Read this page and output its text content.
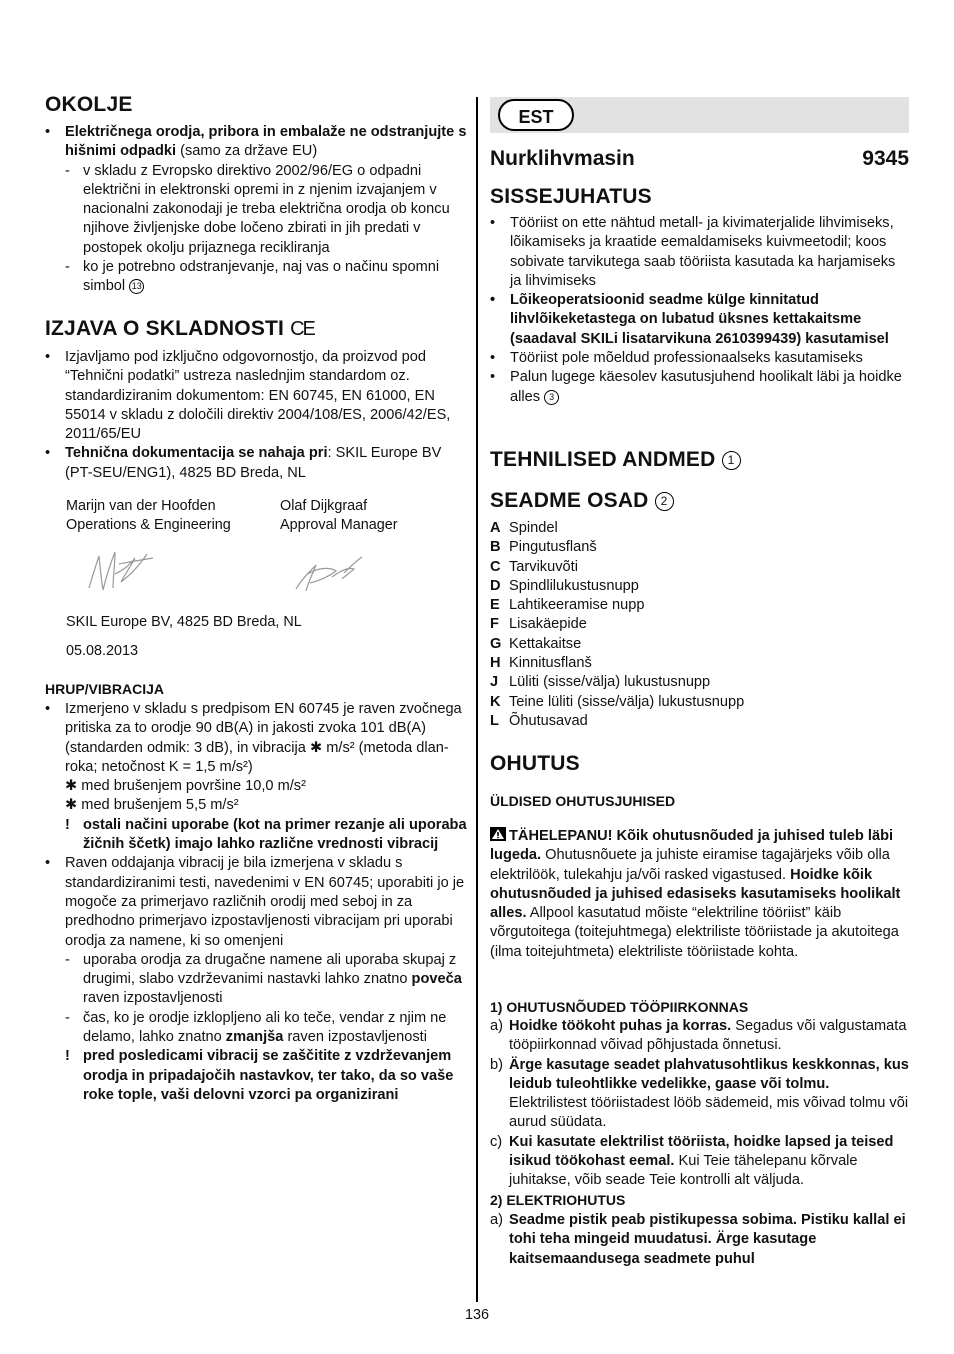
OKOLJE
• Električnega orodja, pribora in embalaže ne odstranjujte s hišnimi odpadki (samo za države EU)
- v skladu z Evropsko direktivo 2002/96/EG o odpadni električni in elektronski opremi in z njenim izvajanjem v nacionalni zakonodaji je treba električna orodja ob koncu njihove življenjske dobe ločeno zbirati in jih predati v postopek okolju prijaznega recikliranja
- ko je potrebno odstranjevanje, naj vas o načinu spomni simbol 13
IZJAVA O SKLADNOSTI CE
• Izjavljamo pod izključno odgovornostjo, da proizvod pod “Tehnični podatki” ustreza naslednjim standardom oz. standardiziranim dokumentom: EN 60745, EN 61000, EN 55014 v skladu z določili direktiv 2004/108/ES, 2006/42/ES, 2011/65/EU
• Tehnična dokumentacija se nahaja pri: SKIL Europe BV (PT-SEU/ENG1), 4825 BD Breda, NL
Marijn van der Hoofden
Operations & Engineering
Olaf Dijkgraaf
Approval Manager
SKIL Europe BV, 4825 BD Breda, NL
05.08.2013
HRUP/VIBRACIJA
• Izmerjeno v skladu s predpisom EN 60745 je raven zvočnega pritiska za to orodje 90 dB(A) in jakosti zvoka 101 dB(A) (standarden odmik: 3 dB), in vibracija ✱ m/s² (metoda dlan-roka; netočnost K = 1,5 m/s²)
✱ med brušenjem površine 10,0 m/s²
✱ med brušenjem 5,5 m/s²
! ostali načini uporabe (kot na primer rezanje ali uporaba žičnih ščetk) imajo lahko različne vrednosti vibracij
• Raven oddajanja vibracij je bila izmerjena v skladu s standardiziranimi testi, navedenimi v EN 60745; uporabiti jo je mogoče za primerjavo različnih orodij med seboj in za predhodno primerjavo izpostavljenosti vibracijam pri uporabi orodja za namene, ki so omenjeni
- uporaba orodja za drugačne namene ali uporaba skupaj z drugimi, slabo vzdrževanimi nastavki lahko znatno poveča raven izpostavljenosti
- čas, ko je orodje izklopljeno ali ko teče, vendar z njim ne delamo, lahko znatno zmanjša raven izpostavljenosti
! pred posledicami vibracij se zaščitite z vzdrževanjem orodja in pripadajočih nastavkov, ter tako, da so vaše roke tople, vaši delovni vzorci pa organizirani
EST
Nurklihvmasin	9345
SISSEJUHATUS
• Tööriist on ette nähtud metall- ja kivimaterjalide lihvimiseks, lõikamiseks ja kraatide eemaldamiseks kuivmeetodil; koos sobivate tarvikutega saab tööriista kasutada ka harjamiseks ja lihvimiseks
• Lõikeoperatsioonid seadme külge kinnitatud lihvlõikeketastega on lubatud üksnes kettakaitsme (saadaval SKILi lisatarvikuna 2610399439) kasutamisel
• Tööriist pole mõeldud professionaalseks kasutamiseks
• Palun lugege käesolev kasutusjuhend hoolikalt läbi ja hoidke alles 3
TEHNILISED ANDMED 1
SEADME OSAD 2
A Spindel
B Pingutusflanš
C Tarvikuvõti
D Spindlilukustusnupp
E Lahtikeeramise nupp
F Lisakäepide
G Kettakaitse
H Kinnitusflanš
J Lüliti (sisse/välja) lukustusnupp
K Teine lüliti (sisse/välja) lukustusnupp
L Õhutusavad
OHUTUS
ÜLDISED OHUTUSJUHISED
TÄHELEPANU! Kõik ohutusnõuded ja juhised tuleb läbi lugeda. Ohutusnõuete ja juhiste eiramise tagajärjeks võib olla elektrilöök, tulekahju ja/või rasked vigastused. Hoidke kõik ohutusnõuded ja juhised edasiseks kasutamiseks hoolikalt alles. Allpool kasutatud mõiste “elektriline tööriist” käib võrgutoitega (toitejuhtmega) elektriliste tööriistade ja akutoitega (ilma toitejuhtmeta) elektriliste tööriistade kohta.
1) OHUTUSNÕUDED TÖÖPIIRKONNAS
a) Hoidke töökoht puhas ja korras. Segadus või valgustamata tööpiirkonnad võivad põhjustada õnnetusi.
b) Ärge kasutage seadet plahvatusohtlikus keskkonnas, kus leidub tuleohtlikke vedelikke, gaase või tolmu. Elektrilistest tööriistadest lööb sädemeid, mis võivad tolmu või aurud süüdata.
c) Kui kasutate elektrilist tööriista, hoidke lapsed ja teised isikud töökohast eemal. Kui Teie tähelepanu kõrvale juhitakse, võib seade Teie kontrolli alt väljuda.
2) ELEKTRIOHUTUS
a) Seadme pistik peab pistikupessa sobima. Pistiku kallal ei tohi teha mingeid muudatusi. Ärge kasutage kaitsemaandusega seadmete puhul
136
